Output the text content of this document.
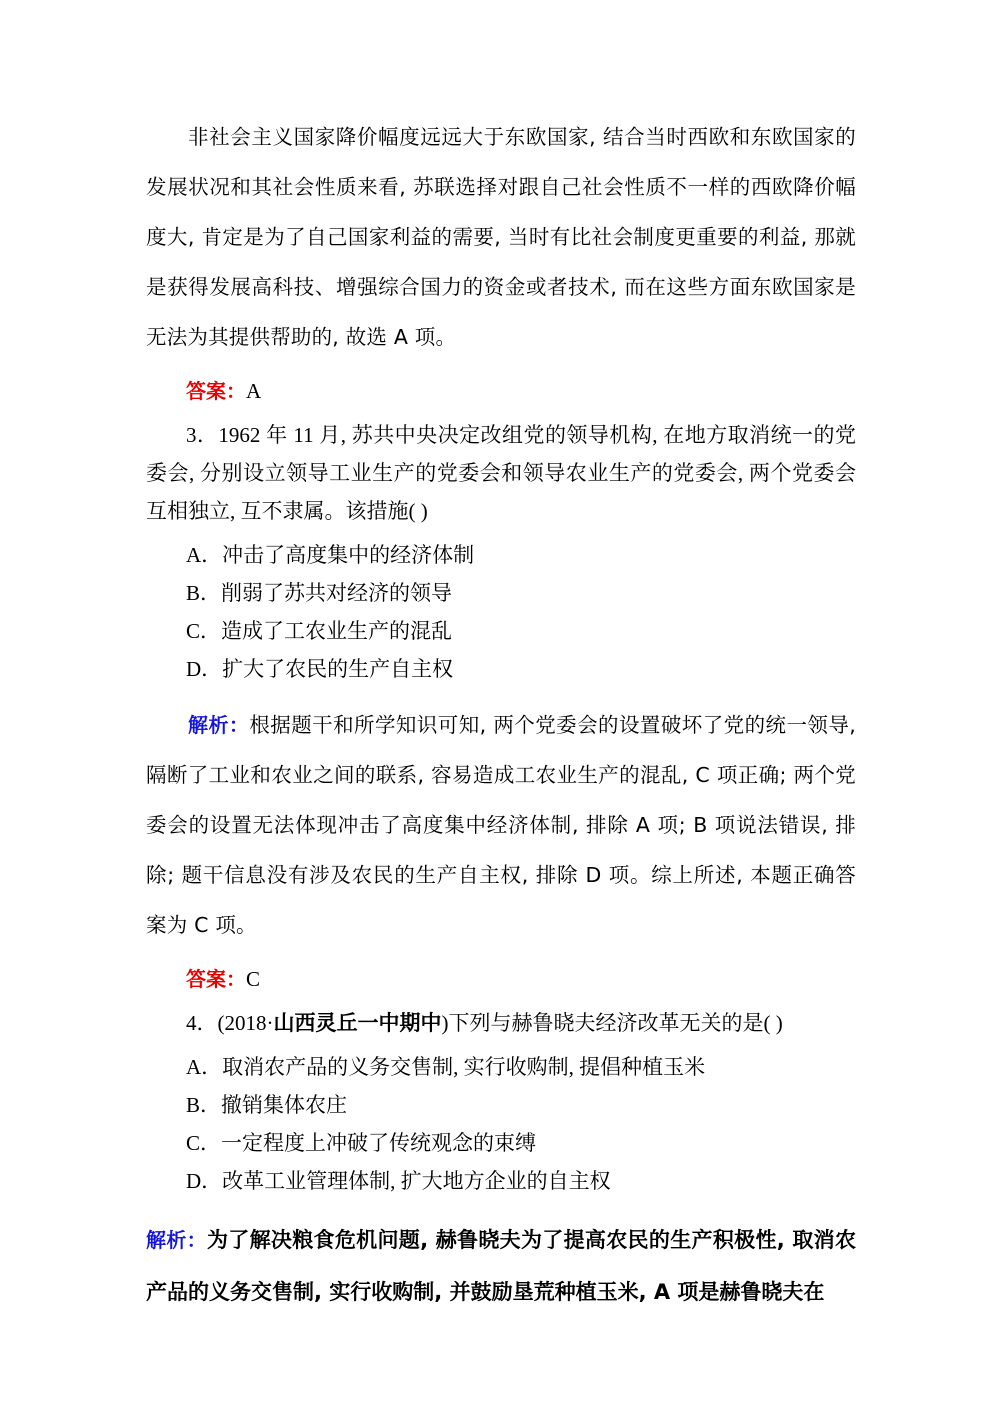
非社会主义国家降价幅度远远大于东欧国家, 结合当时西欧和东欧国家的发展状况和其社会性质来看, 苏联选择对跟自己社会性质不一样的西欧降价幅度大, 肯定是为了自己国家利益的需要, 当时有比社会制度更重要的利益, 那就是获得发展高科技、增强综合国力的资金或者技术, 而在这些方面东欧国家是无法为其提供帮助的, 故选 A 项。

答案：A

3．1962 年 11 月, 苏共中央决定改组党的领导机构, 在地方取消统一的党委会, 分别设立领导工业生产的党委会和领导农业生产的党委会, 两个党委会互相独立, 互不隶属。该措施( )

A．冲击了高度集中的经济体制

B．削弱了苏共对经济的领导

C．造成了工农业生产的混乱

D．扩大了农民的生产自主权

解析：根据题干和所学知识可知, 两个党委会的设置破坏了党的统一领导, 隔断了工业和农业之间的联系, 容易造成工农业生产的混乱, C 项正确; 两个党委会的设置无法体现冲击了高度集中经济体制, 排除 A 项; B 项说法错误, 排除; 题干信息没有涉及农民的生产自主权, 排除 D 项。综上所述, 本题正确答案为 C 项。

答案：C

4．(2018·山西灵丘一中期中)下列与赫鲁晓夫经济改革无关的是( )

A．取消农产品的义务交售制, 实行收购制, 提倡种植玉米

B．撤销集体农庄

C．一定程度上冲破了传统观念的束缚

D．改革工业管理体制, 扩大地方企业的自主权

解析：为了解决粮食危机问题, 赫鲁晓夫为了提高农民的生产积极性, 取消农产品的义务交售制, 实行收购制, 并鼓励垦荒种植玉米, A 项是赫鲁晓夫在
